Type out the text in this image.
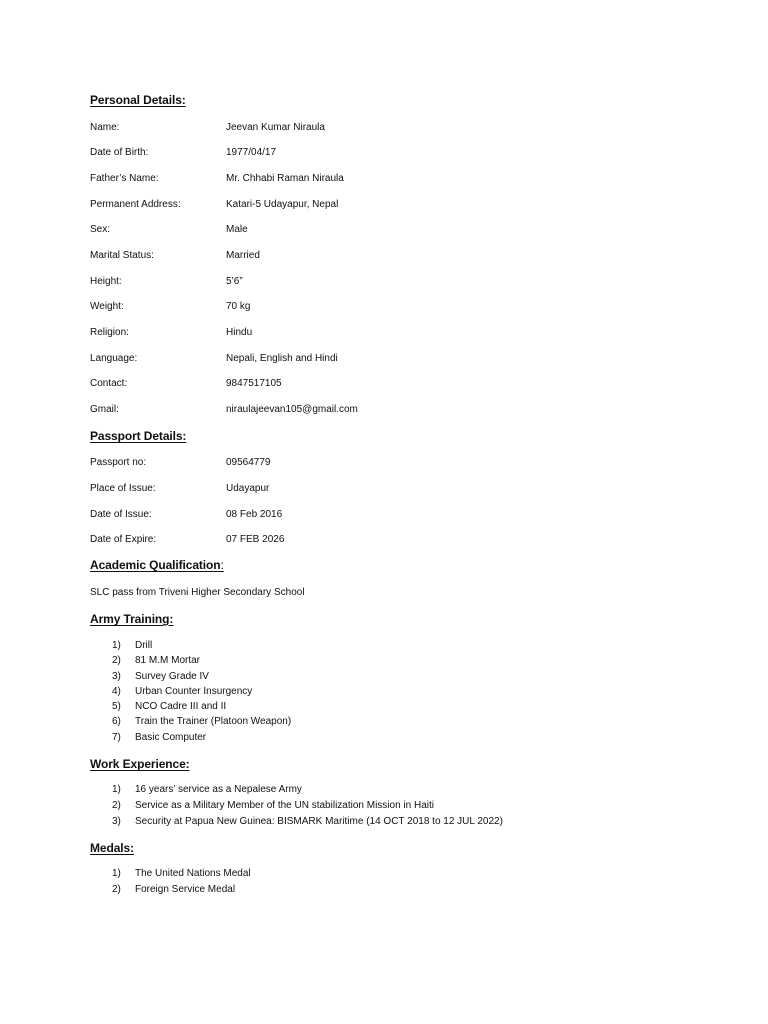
Personal Details:
Name:	Jeevan Kumar Niraula
Date of Birth:	1977/04/17
Father’s Name:	Mr. Chhabi Raman Niraula
Permanent Address:	Katari-5 Udayapur, Nepal
Sex:	Male
Marital Status:	Married
Height:	5’6”
Weight:	70 kg
Religion:	Hindu
Language:	Nepali, English and Hindi
Contact:	9847517105
Gmail:	niraulajeevan105@gmail.com
Passport Details:
Passport no:	09564779
Place of Issue:	Udayapur
Date of Issue:	08 Feb 2016
Date of Expire:	07 FEB 2026
Academic Qualification:
SLC pass from Triveni Higher Secondary School
Army Training:
1) Drill
2) 81 M.M Mortar
3) Survey Grade IV
4) Urban Counter Insurgency
5) NCO Cadre III and II
6) Train the Trainer (Platoon Weapon)
7) Basic Computer
Work Experience:
1) 16 years’ service as a Nepalese Army
2) Service as a Military Member of the UN stabilization Mission in Haiti
3) Security at Papua New Guinea: BISMARK Maritime (14 OCT 2018 to 12 JUL 2022)
Medals:
1) The United Nations Medal
2) Foreign Service Medal
